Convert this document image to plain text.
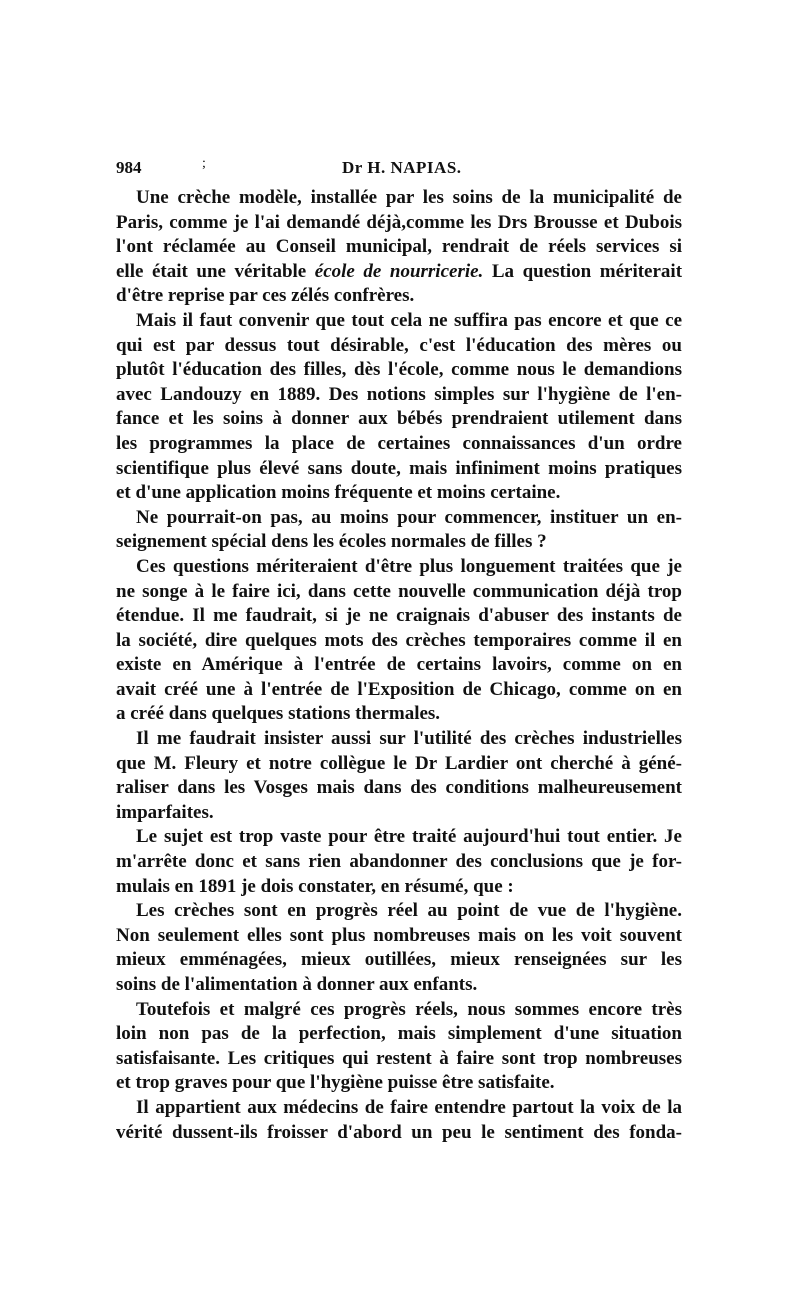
984	;	Dr H. NAPIAS.
Une crèche modèle, installée par les soins de la municipalité de
Paris, comme je l'ai demandé déjà,comme les Drs Brousse et Dubois
l'ont réclamée au Conseil municipal, rendrait de réels services si
elle était une véritable école de nourricerie. La question mériterait
d'être reprise par ces zélés confrères.
Mais il faut convenir que tout cela ne suffira pas encore et que ce
qui est par dessus tout désirable, c'est l'éducation des mères ou
plutôt l'éducation des filles, dès l'école, comme nous le demandions
avec Landouzy en 1889. Des notions simples sur l'hygiène de l'en-
fance et les soins à donner aux bébés prendraient utilement dans
les programmes la place de certaines connaissances d'un ordre
scientifique plus élevé sans doute, mais infiniment moins pratiques
et d'une application moins fréquente et moins certaine.
Ne pourrait-on pas, au moins pour commencer, instituer un en-
seignement spécial dens les écoles normales de filles ?
Ces questions mériteraient d'être plus longuement traitées que je
ne songe à le faire ici, dans cette nouvelle communication déjà trop
étendue. Il me faudrait, si je ne craignais d'abuser des instants de
la société, dire quelques mots des crèches temporaires comme il en
existe en Amérique à l'entrée de certains lavoirs, comme on en
avait créé une à l'entrée de l'Exposition de Chicago, comme on en
a créé dans quelques stations thermales.
Il me faudrait insister aussi sur l'utilité des crèches industrielles
que M. Fleury et notre collègue le Dr Lardier ont cherché à géné-
raliser dans les Vosges mais dans des conditions malheureusement
imparfaites.
Le sujet est trop vaste pour être traité aujourd'hui tout entier. Je
m'arrête donc et sans rien abandonner des conclusions que je for-
mulais en 1891 je dois constater, en résumé, que :
Les crèches sont en progrès réel au point de vue de l'hygiène.
Non seulement elles sont plus nombreuses mais on les voit souvent
mieux emménagées, mieux outillées, mieux renseignées sur les
soins de l'alimentation à donner aux enfants.
Toutefois et malgré ces progrès réels, nous sommes encore très
loin non pas de la perfection, mais simplement d'une situation
satisfaisante. Les critiques qui restent à faire sont trop nombreuses
et trop graves pour que l'hygiène puisse être satisfaite.
Il appartient aux médecins de faire entendre partout la voix de la
vérité dussent-ils froisser d'abord un peu le sentiment des fonda-
